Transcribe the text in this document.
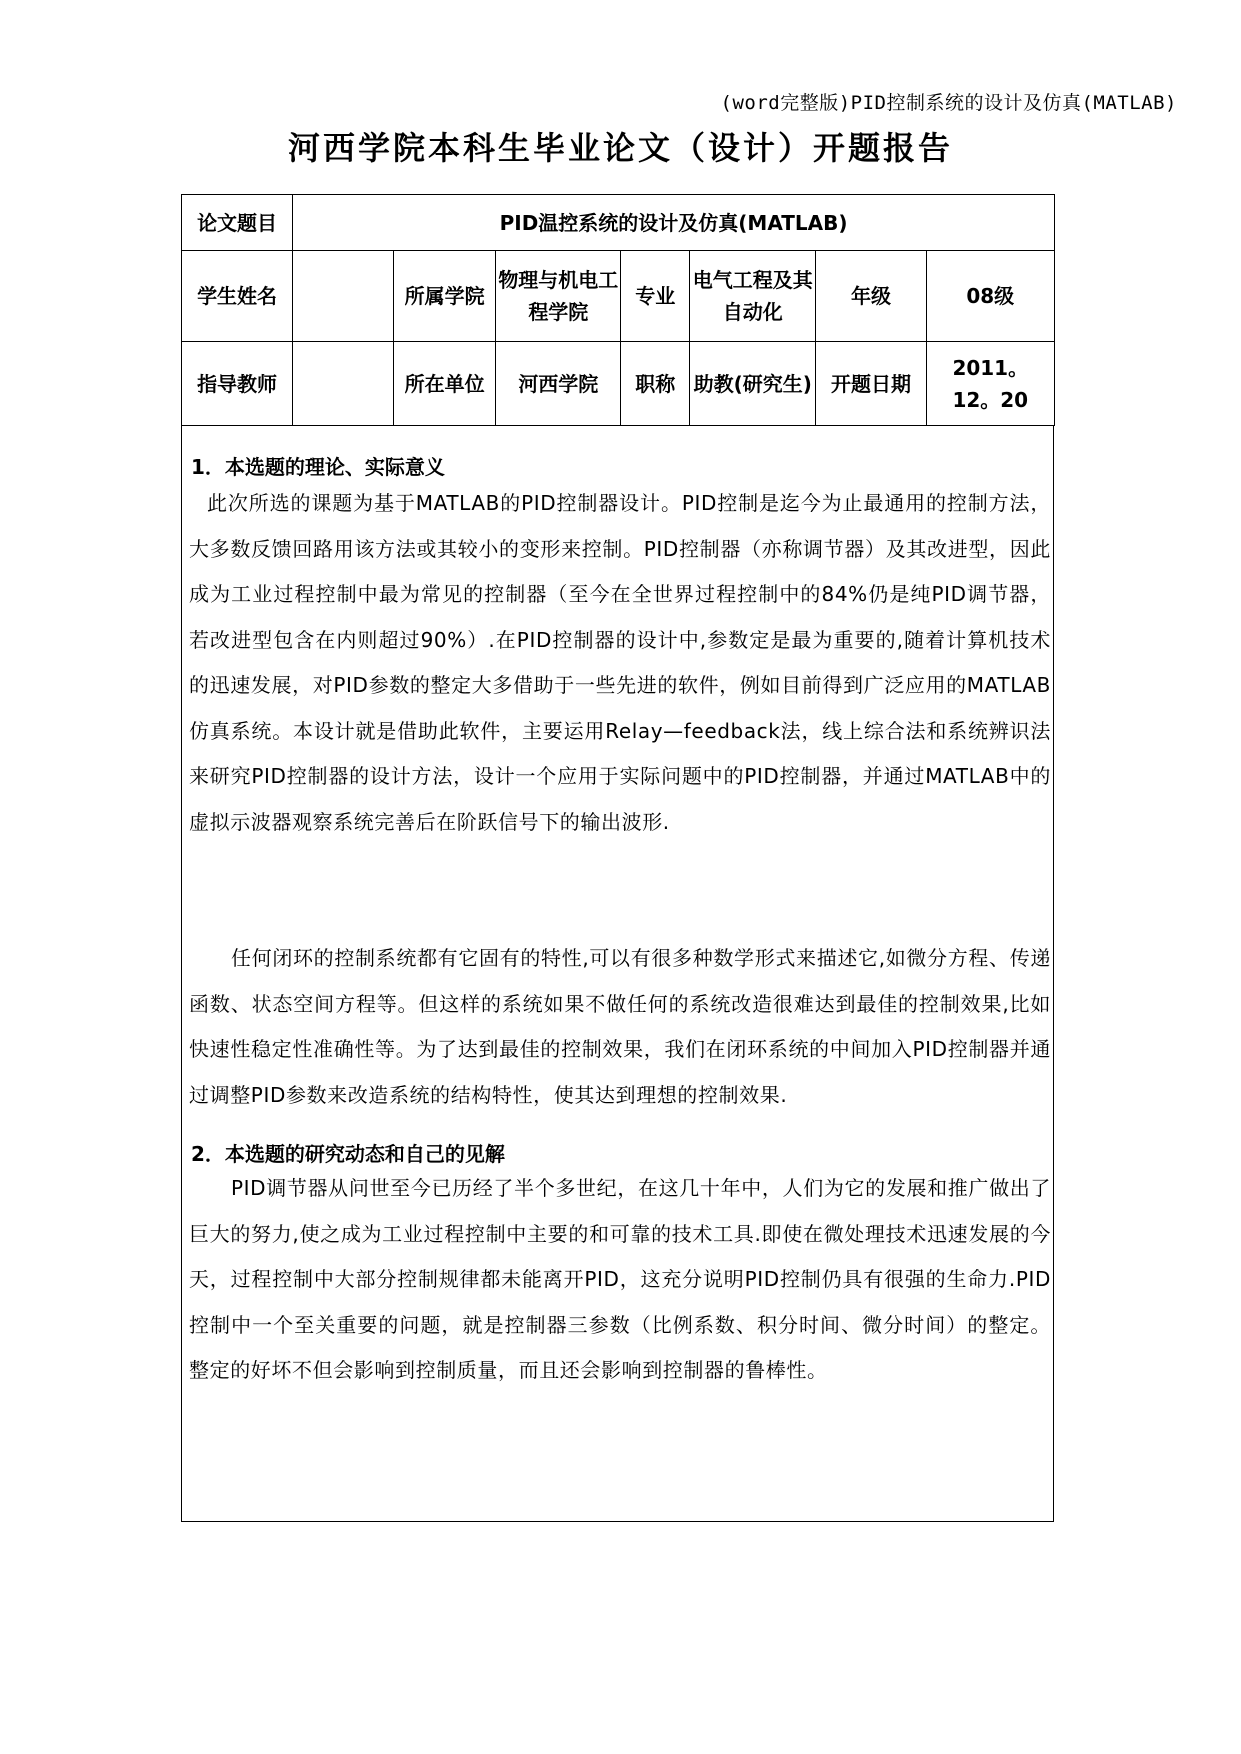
(word完整版)PID控制系统的设计及仿真(MATLAB)
河西学院本科生毕业论文（设计）开题报告
论文题目	PID温控系统的设计及仿真(MATLAB)						
学生姓名		所属学院	物理与机电工程学院	专业	电气工程及其自动化	年级	08级
指导教师		所在单位	河西学院	职称	助教(研究生)	开题日期	2011。12。20
1．本选题的理论、实际意义
此次所选的课题为基于MATLAB的PID控制器设计。PID控制是迄今为止最通用的控制方法，大多数反馈回路用该方法或其较小的变形来控制。PID控制器（亦称调节器）及其改进型，因此成为工业过程控制中最为常见的控制器（至今在全世界过程控制中的84%仍是纯PID调节器，若改进型包含在内则超过90%）.在PID控制器的设计中,参数定是最为重要的,随着计算机技术的迅速发展，对PID参数的整定大多借助于一些先进的软件，例如目前得到广泛应用的MATLAB仿真系统。本设计就是借助此软件，主要运用Relay—feedback法，线上综合法和系统辨识法来研究PID控制器的设计方法，设计一个应用于实际问题中的PID控制器，并通过MATLAB中的虚拟示波器观察系统完善后在阶跃信号下的输出波形.
任何闭环的控制系统都有它固有的特性,可以有很多种数学形式来描述它,如微分方程、传递函数、状态空间方程等。但这样的系统如果不做任何的系统改造很难达到最佳的控制效果,比如快速性稳定性准确性等。为了达到最佳的控制效果，我们在闭环系统的中间加入PID控制器并通过调整PID参数来改造系统的结构特性，使其达到理想的控制效果.
2．本选题的研究动态和自己的见解
PID调节器从问世至今已历经了半个多世纪，在这几十年中，人们为它的发展和推广做出了巨大的努力,使之成为工业过程控制中主要的和可靠的技术工具.即使在微处理技术迅速发展的今天，过程控制中大部分控制规律都未能离开PID，这充分说明PID控制仍具有很强的生命力.PID控制中一个至关重要的问题，就是控制器三参数（比例系数、积分时间、微分时间）的整定。整定的好坏不但会影响到控制质量，而且还会影响到控制器的鲁棒性。
